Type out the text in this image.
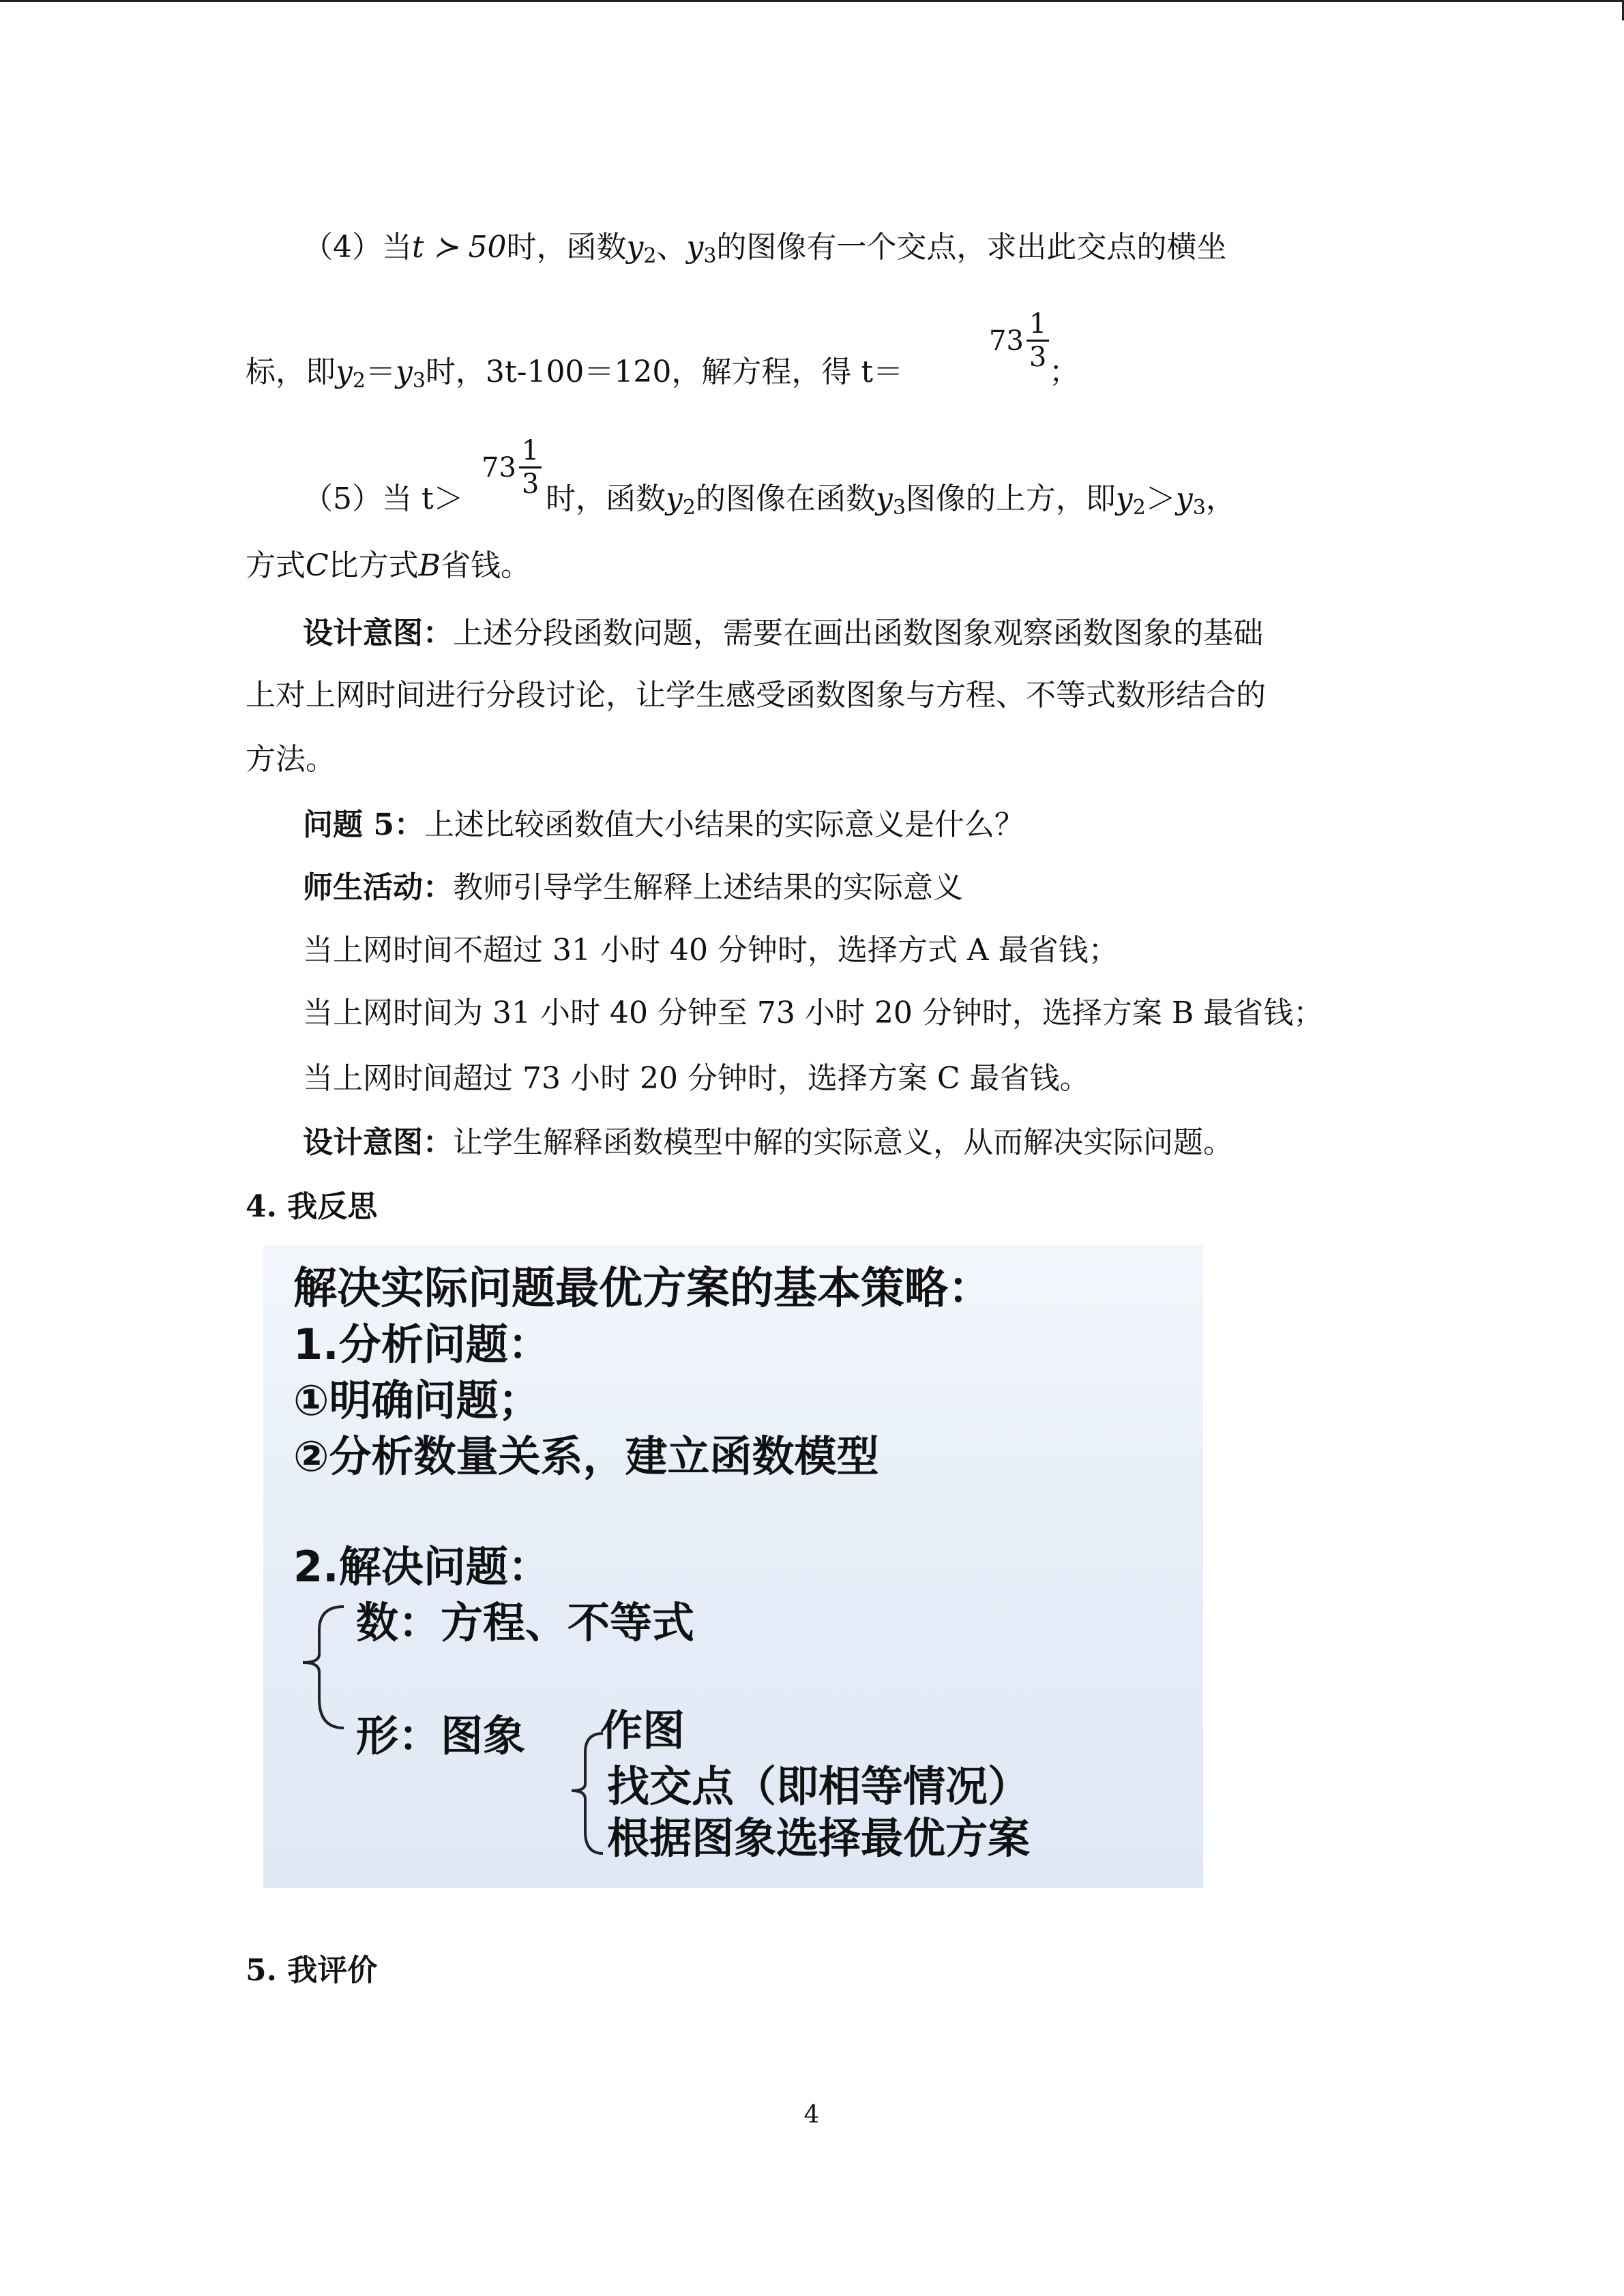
（4）当t ≻ 50时，函数$y_2$、$y_3$的图像有一个交点，求出此交点的横坐
标，即$y_2=y_3$时，3t-100＝120，解方程，得 t＝
$73 \frac{1}{3}$ ；
（5）当 t＞
$73 \frac{1}{3}$ 时，函数$y_2$的图像在函数$y_3$图像的上方，即$y_2>y_3$，
方式C比方式B省钱。
设计意图：上述分段函数问题，需要在画出函数图象观察函数图象的基础
上对上网时间进行分段讨论，让学生感受函数图象与方程、不等式数形结合的
方法。
问题 5：上述比较函数值大小结果的实际意义是什么？
师生活动：教师引导学生解释上述结果的实际意义
当上网时间不超过 31 小时 40 分钟时，选择方式 A 最省钱；
当上网时间为 31 小时 40 分钟至 73 小时 20 分钟时，选择方案 B 最省钱；
当上网时间超过 73 小时 20 分钟时，选择方案 C 最省钱。
设计意图：让学生解释函数模型中解的实际意义，从而解决实际问题。
4. 我反思
解决实际问题最优方案的基本策略：
1.分析问题：
①明确问题；
②分析数量关系，建立函数模型
2.解决问题：
数：方程、不等式
形：图象 作图
找交点（即相等情况）
根据图象选择最优方案
5. 我评价
4
